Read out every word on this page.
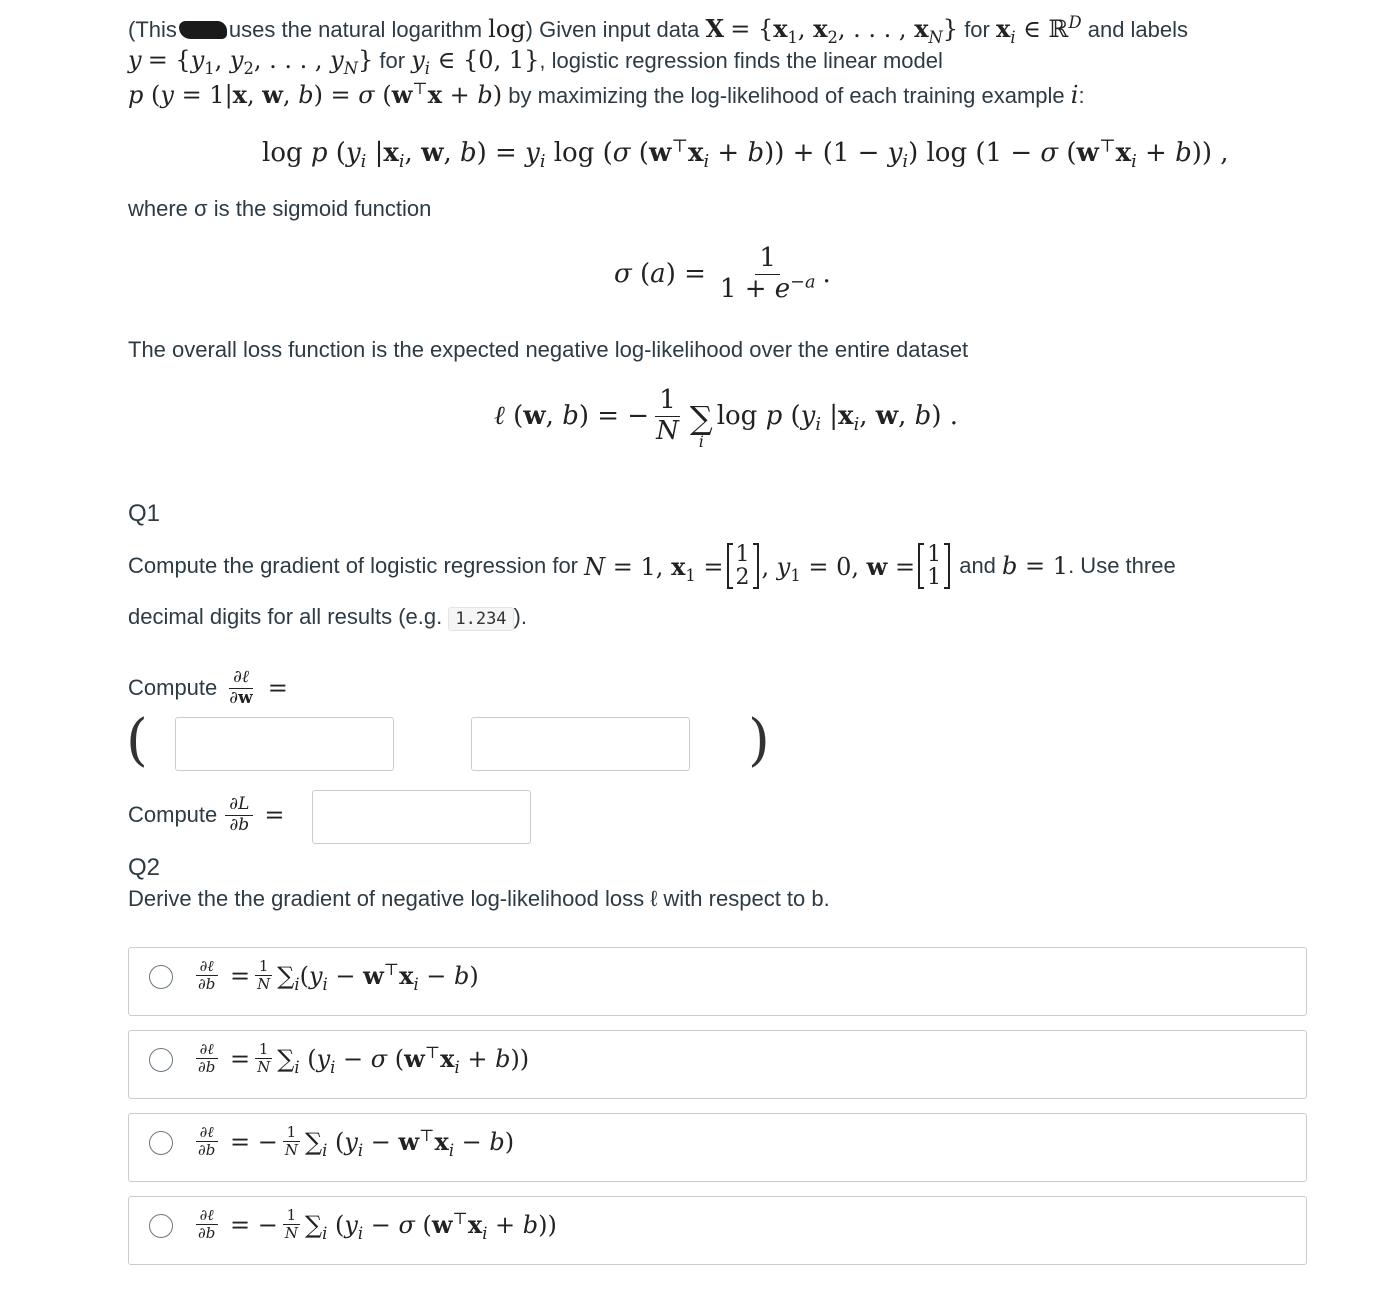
(This uses the natural logarithm log) Given input data $X = \{x_1$, $x_2$, . . . , $x_N$} for $x_i$ ∈ ℝ$^D$ and labels
$y = \{y_1$, $y_2$, . . . , $y_N$} for $y_i$ ∈ {0, 1}, logistic regression finds the linear model
p (y = 1|x, w, b) = σ (w⊤x + b) by maximizing the log-likelihood of each training example i:
log p ($y_i$ $|x_i$, w, $b) = y_i$ log (σ $(w^⊤x_i + b)) + (1 - y_i)$ log (1 − σ $(w^⊤x_i + b)$) ,
where σ is the sigmoid function
σ $(a) = \frac{1}{1 + e^{-a}}$ .
The overall loss function is the expected negative log-likelihood over the entire dataset
ℓ (w, b) = − $\frac{1}{N}$ ∑
i
log p ($y_i$ $|x_i$, w, b) .
Q1
Compute the gradient of logistic regression for
N = 1, $x_1 = 1$
2 , $y_1 = 0$, w = 1
1
and
b = 1 . Use three
decimal digits for all results (e.g. 1.234 ).
Compute $\frac{\text{∂ℓ}}{\partial w}$ =
(	)
Compute $\frac{\partial L}{\partial b}$ =
Q2
Derive the the gradient of negative log-likelihood loss ℓ with respect to b.
$\frac{\text{∂ℓ}}{\partial b} = \frac{1}{N} \sum_i(y_i - w^⊤x_i - b)$
$\frac{\text{∂ℓ}}{\partial b} = \frac{1}{N} \sum_i$ ($y_i - \sigma$ $(w^⊤x_i + b)$)
$\frac{\text{∂ℓ}}{\partial b}$ = − $\frac{1}{N} \sum_i$ $(y_i - w^⊤x_i - b)$
$\frac{\text{∂ℓ}}{\partial b}$ = − $\frac{1}{N} \sum_i$ ($y_i - \sigma$ $(w^⊤x_i + b)$)
